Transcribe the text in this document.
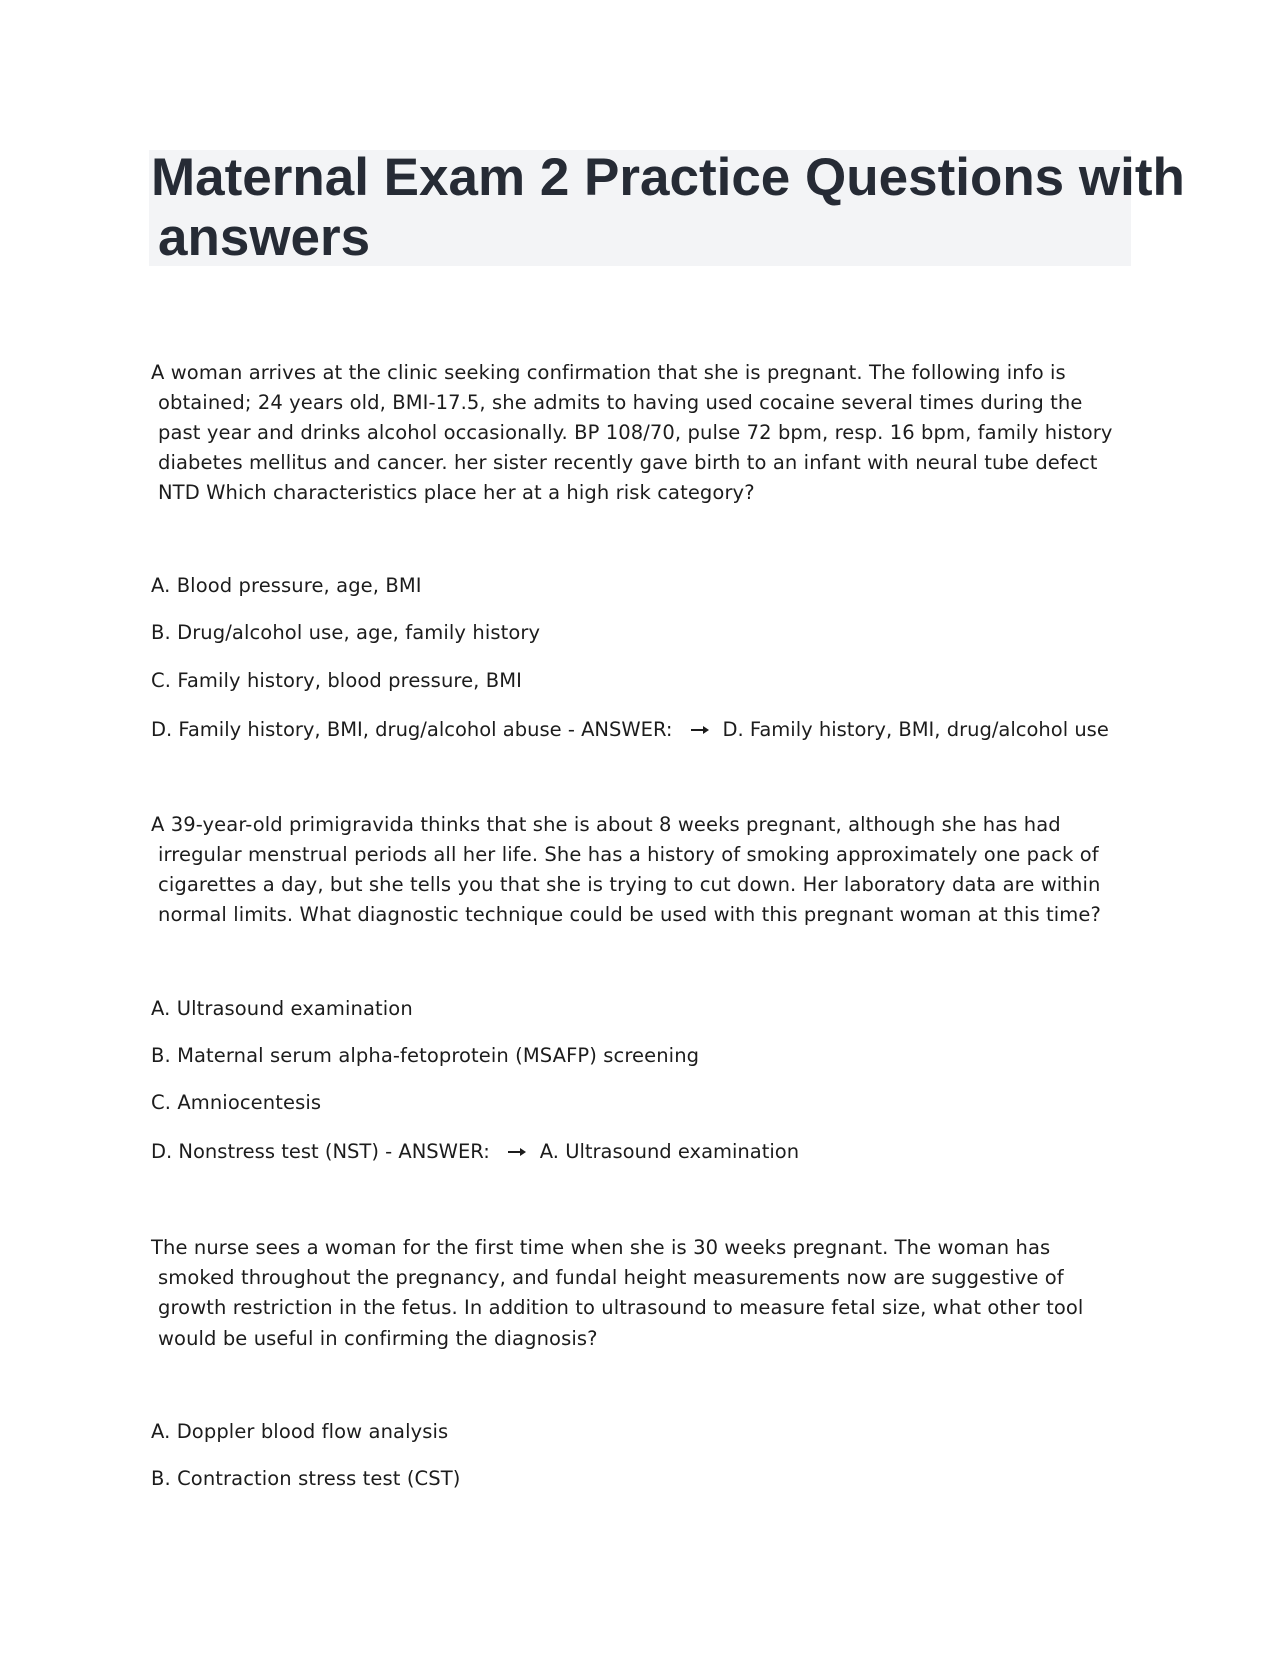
Maternal Exam 2 Practice Questions with
answers
A woman arrives at the clinic seeking confirmation that she is pregnant. The following info is
obtained; 24 years old, BMI-17.5, she admits to having used cocaine several times during the
past year and drinks alcohol occasionally. BP 108/70, pulse 72 bpm, resp. 16 bpm, family history
diabetes mellitus and cancer. her sister recently gave birth to an infant with neural tube defect
NTD Which characteristics place her at a high risk category?
A. Blood pressure, age, BMI
B. Drug/alcohol use, age, family history
C. Family history, blood pressure, BMI
D. Family history, BMI, drug/alcohol abuse - ANSWER:	D. Family history, BMI, drug/alcohol use
A 39-year-old primigravida thinks that she is about 8 weeks pregnant, although she has had
irregular menstrual periods all her life. She has a history of smoking approximately one pack of
cigarettes a day, but she tells you that she is trying to cut down. Her laboratory data are within
normal limits. What diagnostic technique could be used with this pregnant woman at this time?
A. Ultrasound examination
B. Maternal serum alpha-fetoprotein (MSAFP) screening
C. Amniocentesis
D. Nonstress test (NST) - ANSWER:	A. Ultrasound examination
The nurse sees a woman for the first time when she is 30 weeks pregnant. The woman has
smoked throughout the pregnancy, and fundal height measurements now are suggestive of
growth restriction in the fetus. In addition to ultrasound to measure fetal size, what other tool
would be useful in confirming the diagnosis?
A. Doppler blood flow analysis
B. Contraction stress test (CST)
